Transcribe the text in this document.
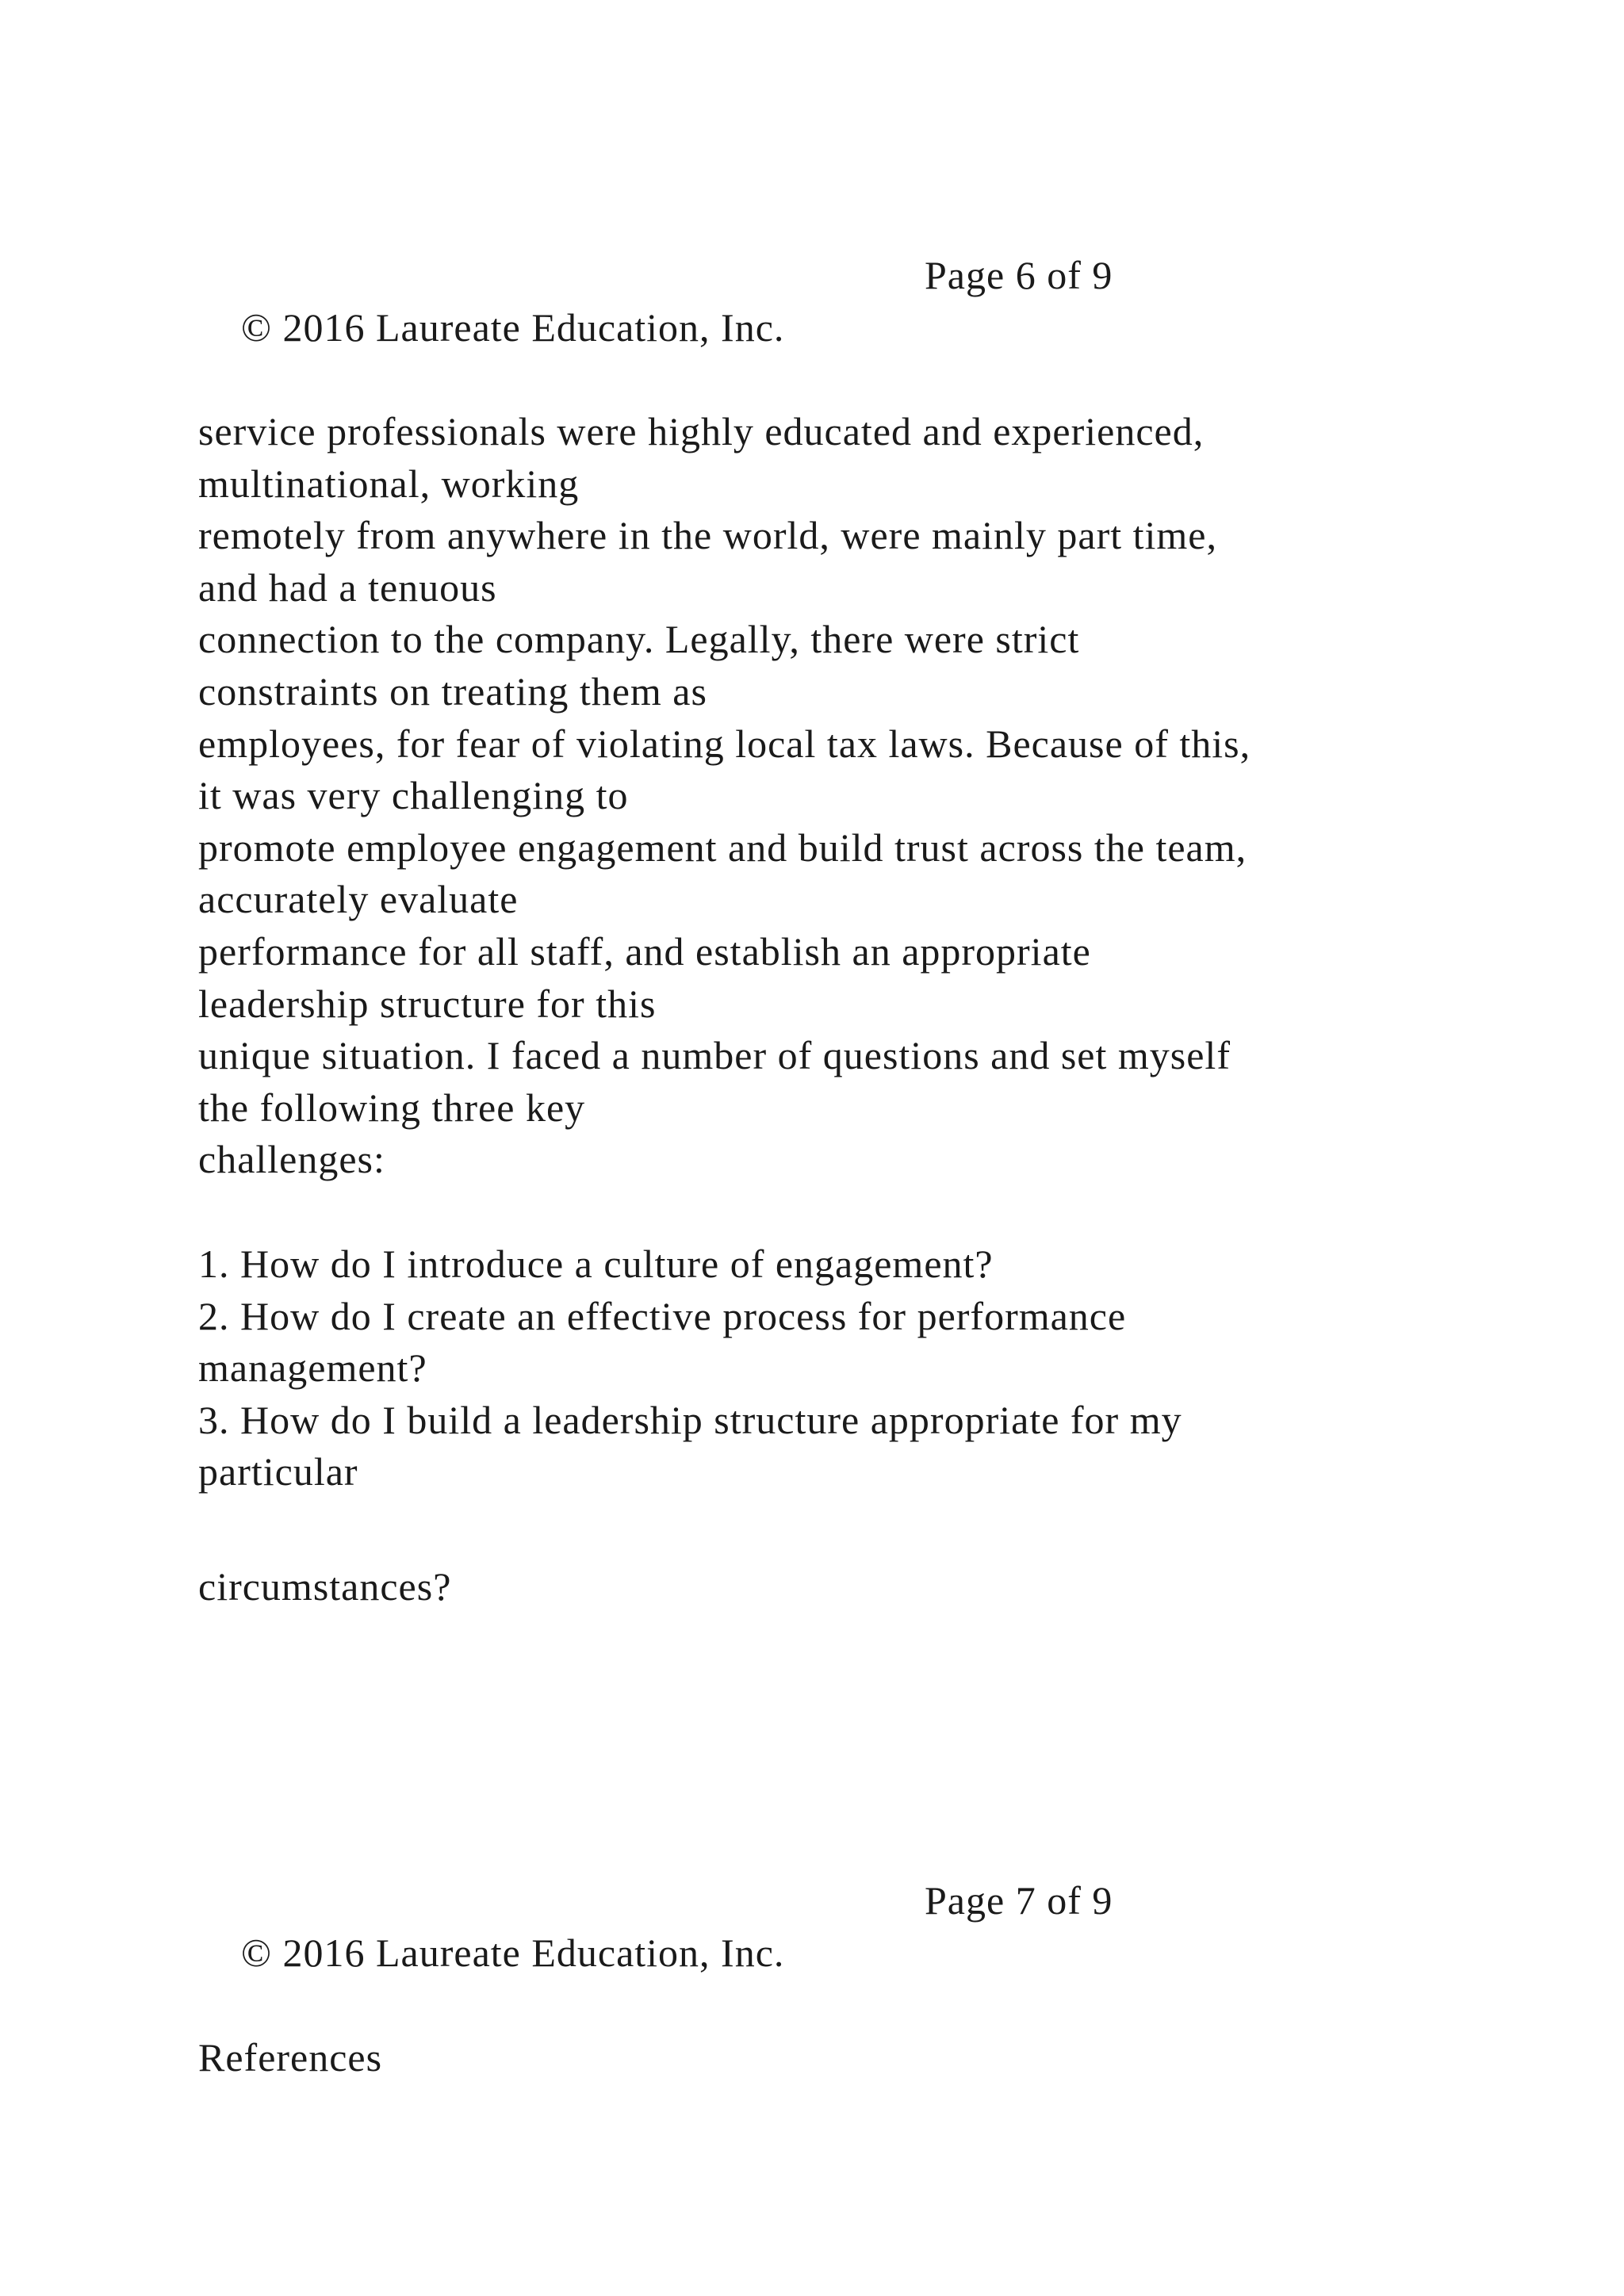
© 2016 Laureate Education, Inc.

Page 6 of 9

service professionals were highly educated and experienced,
multinational, working
remotely from anywhere in the world, were mainly part time,
and had a tenuous
connection to the company. Legally, there were strict
constraints on treating them as
employees, for fear of violating local tax laws. Because of this,
it was very challenging to
promote employee engagement and build trust across the team,
accurately evaluate
performance for all staff, and establish an appropriate
leadership structure for this
unique situation. I faced a number of questions and set myself
the following three key
challenges:
1. How do I introduce a culture of engagement?
2. How do I create an effective process for performance
management?
3. How do I build a leadership structure appropriate for my
particular
circumstances?

© 2016 Laureate Education, Inc.

Page 7 of 9

References
